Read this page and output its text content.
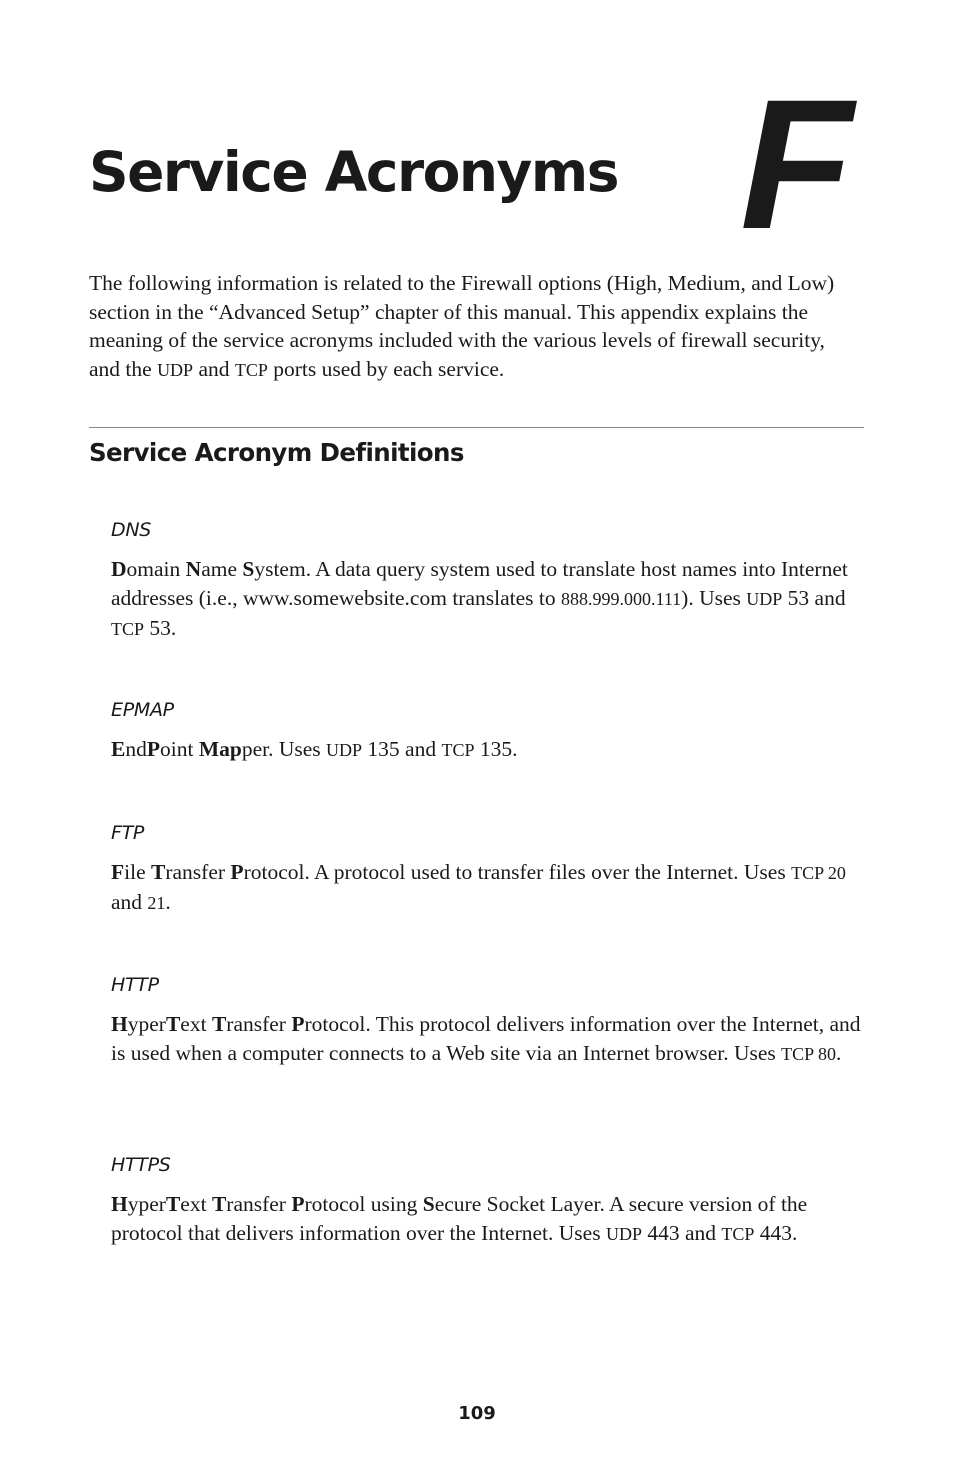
Service Acronyms F

The following information is related to the Firewall options (High, Medium, and Low) section in the “Advanced Setup” chapter of this manual. This appendix explains the meaning of the service acronyms included with the various levels of firewall security, and the UDP and TCP ports used by each service.

Service Acronym Definitions

DNS

Domain Name System. A data query system used to translate host names into Internet addresses (i.e., www.somewebsite.com translates to 888.999.000.111). Uses UDP 53 and TCP 53.

EPMAP

EndPoint Mapper. Uses UDP 135 and TCP 135.

FTP

File Transfer Protocol. A protocol used to transfer files over the Internet. Uses TCP 20 and 21.

HTTP

HyperText Transfer Protocol. This protocol delivers information over the Internet, and is used when a computer connects to a Web site via an Internet browser. Uses TCP 80.

HTTPS

HyperText Transfer Protocol using Secure Socket Layer. A secure version of the protocol that delivers information over the Internet. Uses UDP 443 and TCP 443.

109
